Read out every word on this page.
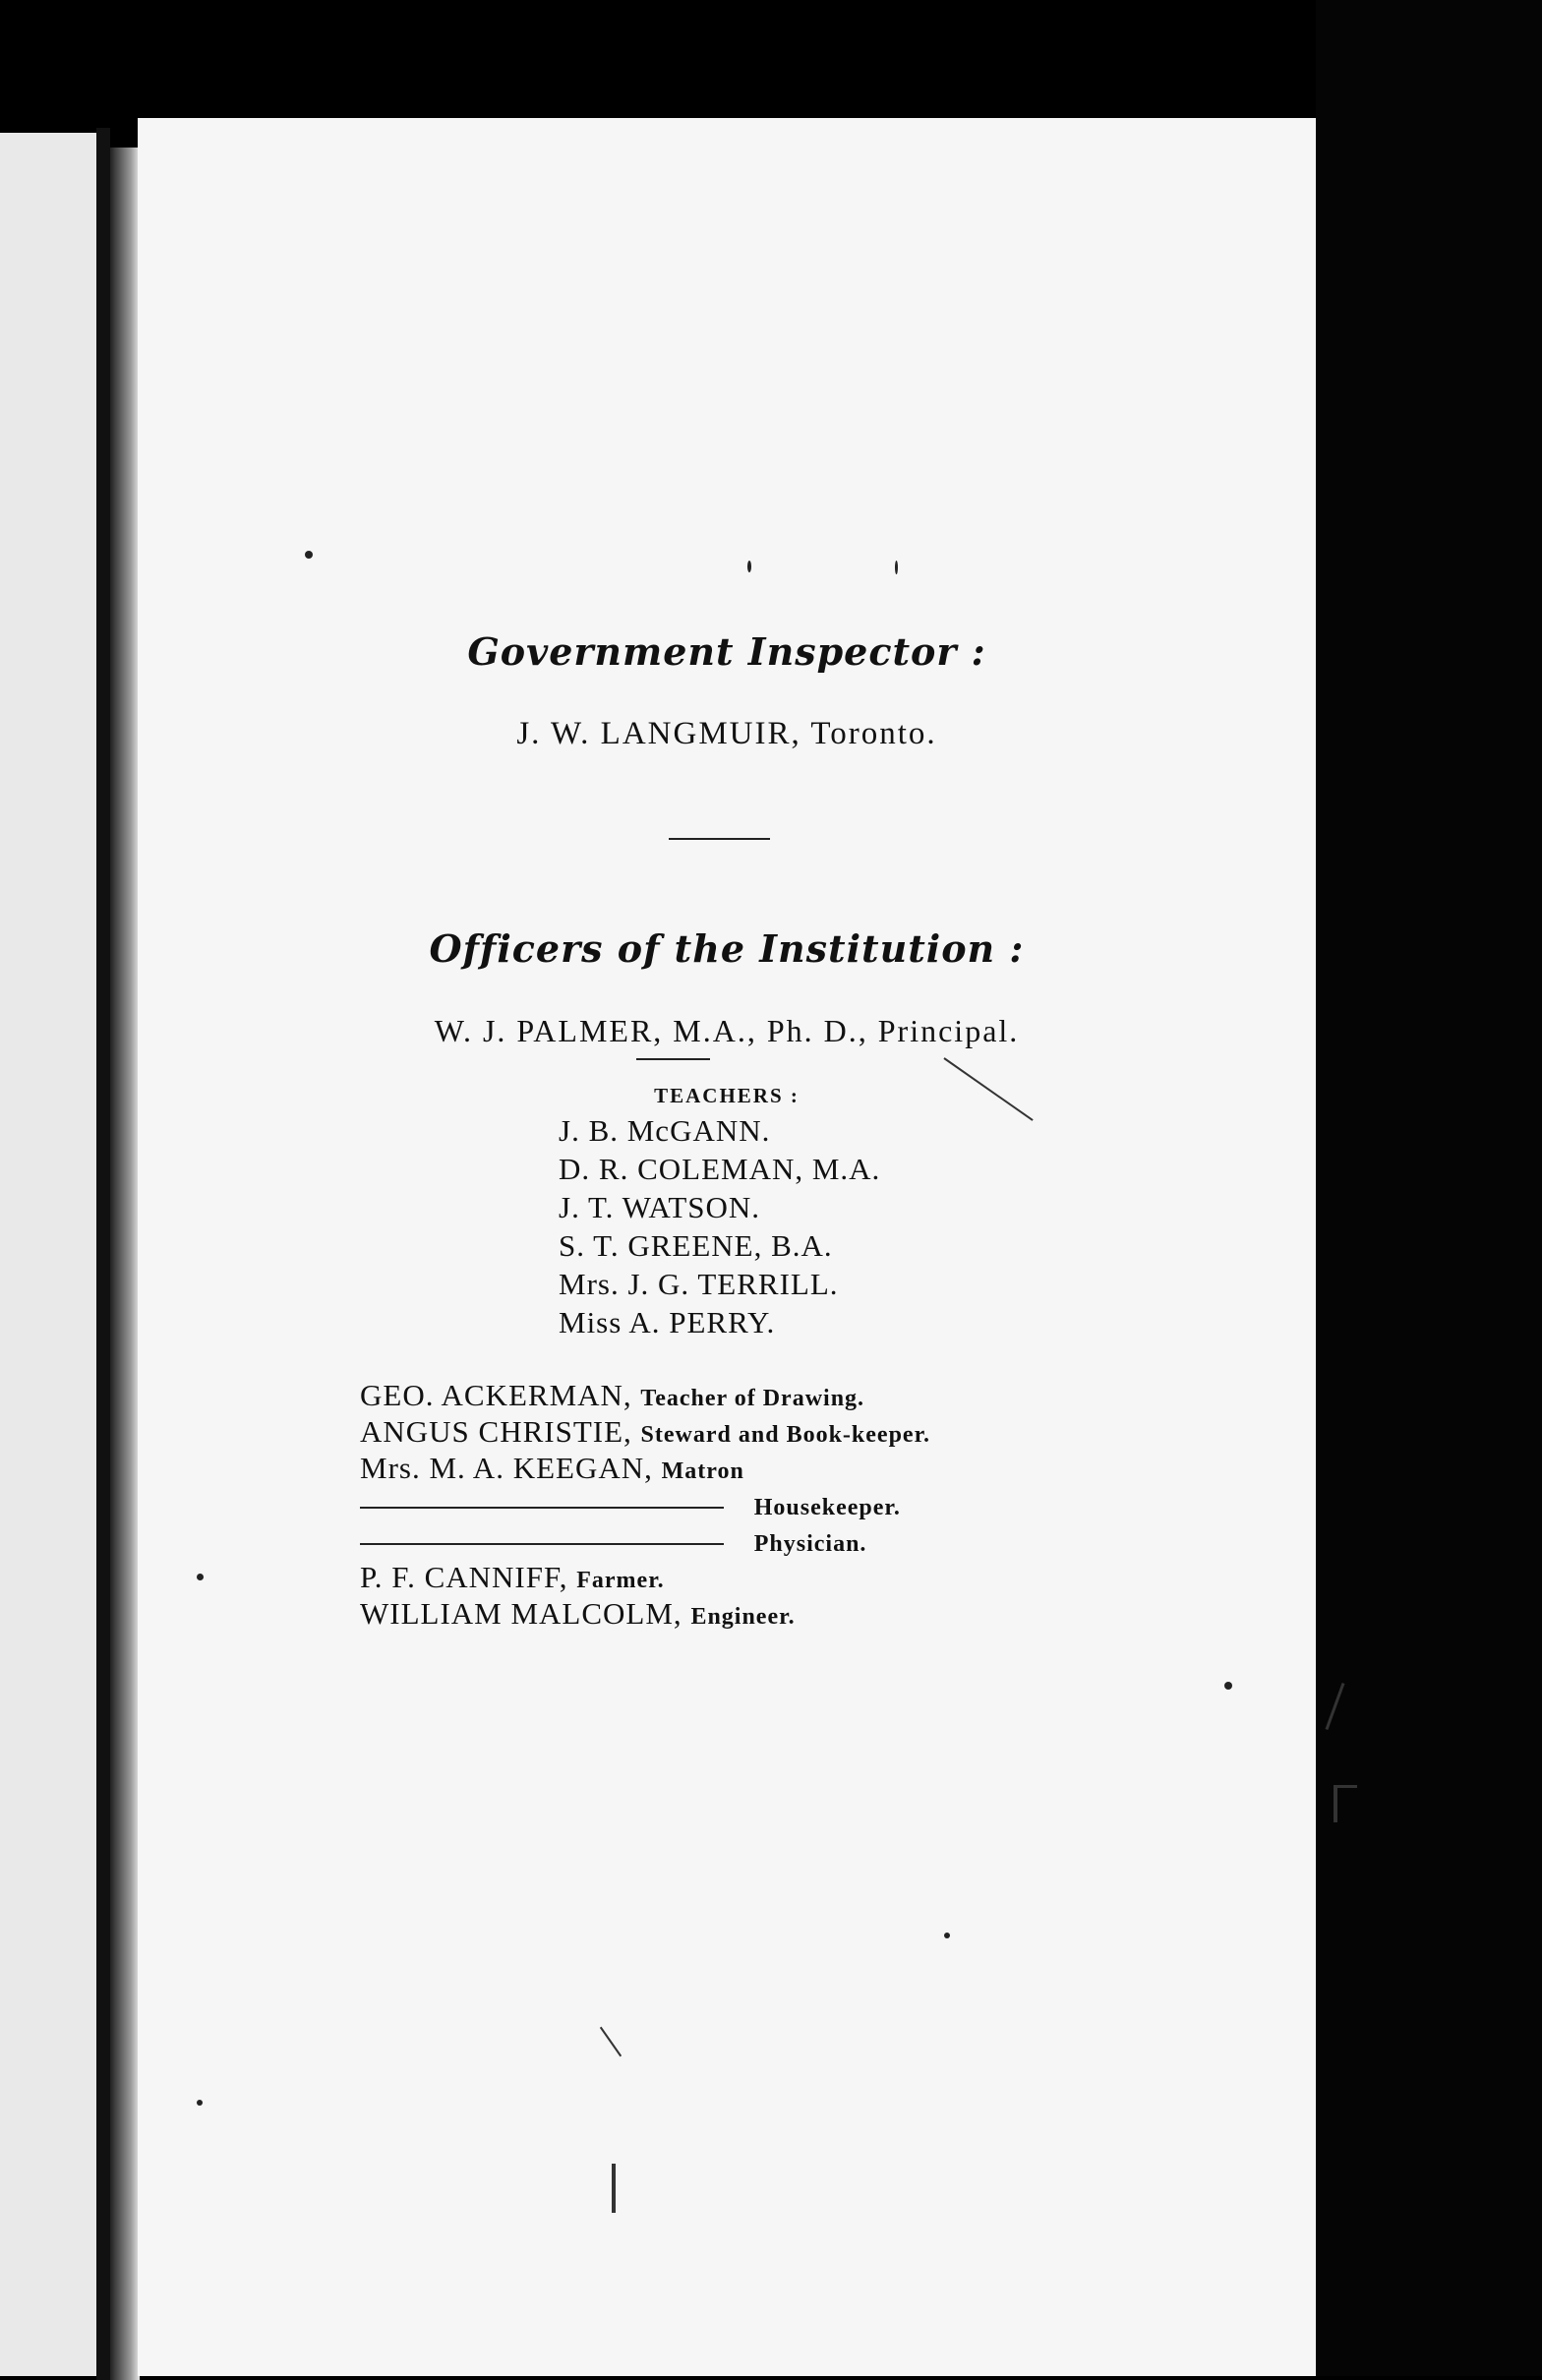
Government Inspector :
J. W. LANGMUIR, Toronto.
Officers of the Institution :
W. J. PALMER, M.A., Ph. D., Principal.
TEACHERS :
J. B. McGANN.
D. R. COLEMAN, M.A.
J. T. WATSON.
S. T. GREENE, B.A.
Mrs. J. G. TERRILL.
Miss A. PERRY.
GEO. ACKERMAN, Teacher of Drawing.
ANGUS CHRISTIE, Steward and Book-keeper.
Mrs. M. A. KEEGAN, Matron
Housekeeper.
Physician.
P. F. CANNIFF, Farmer.
WILLIAM MALCOLM, Engineer.
